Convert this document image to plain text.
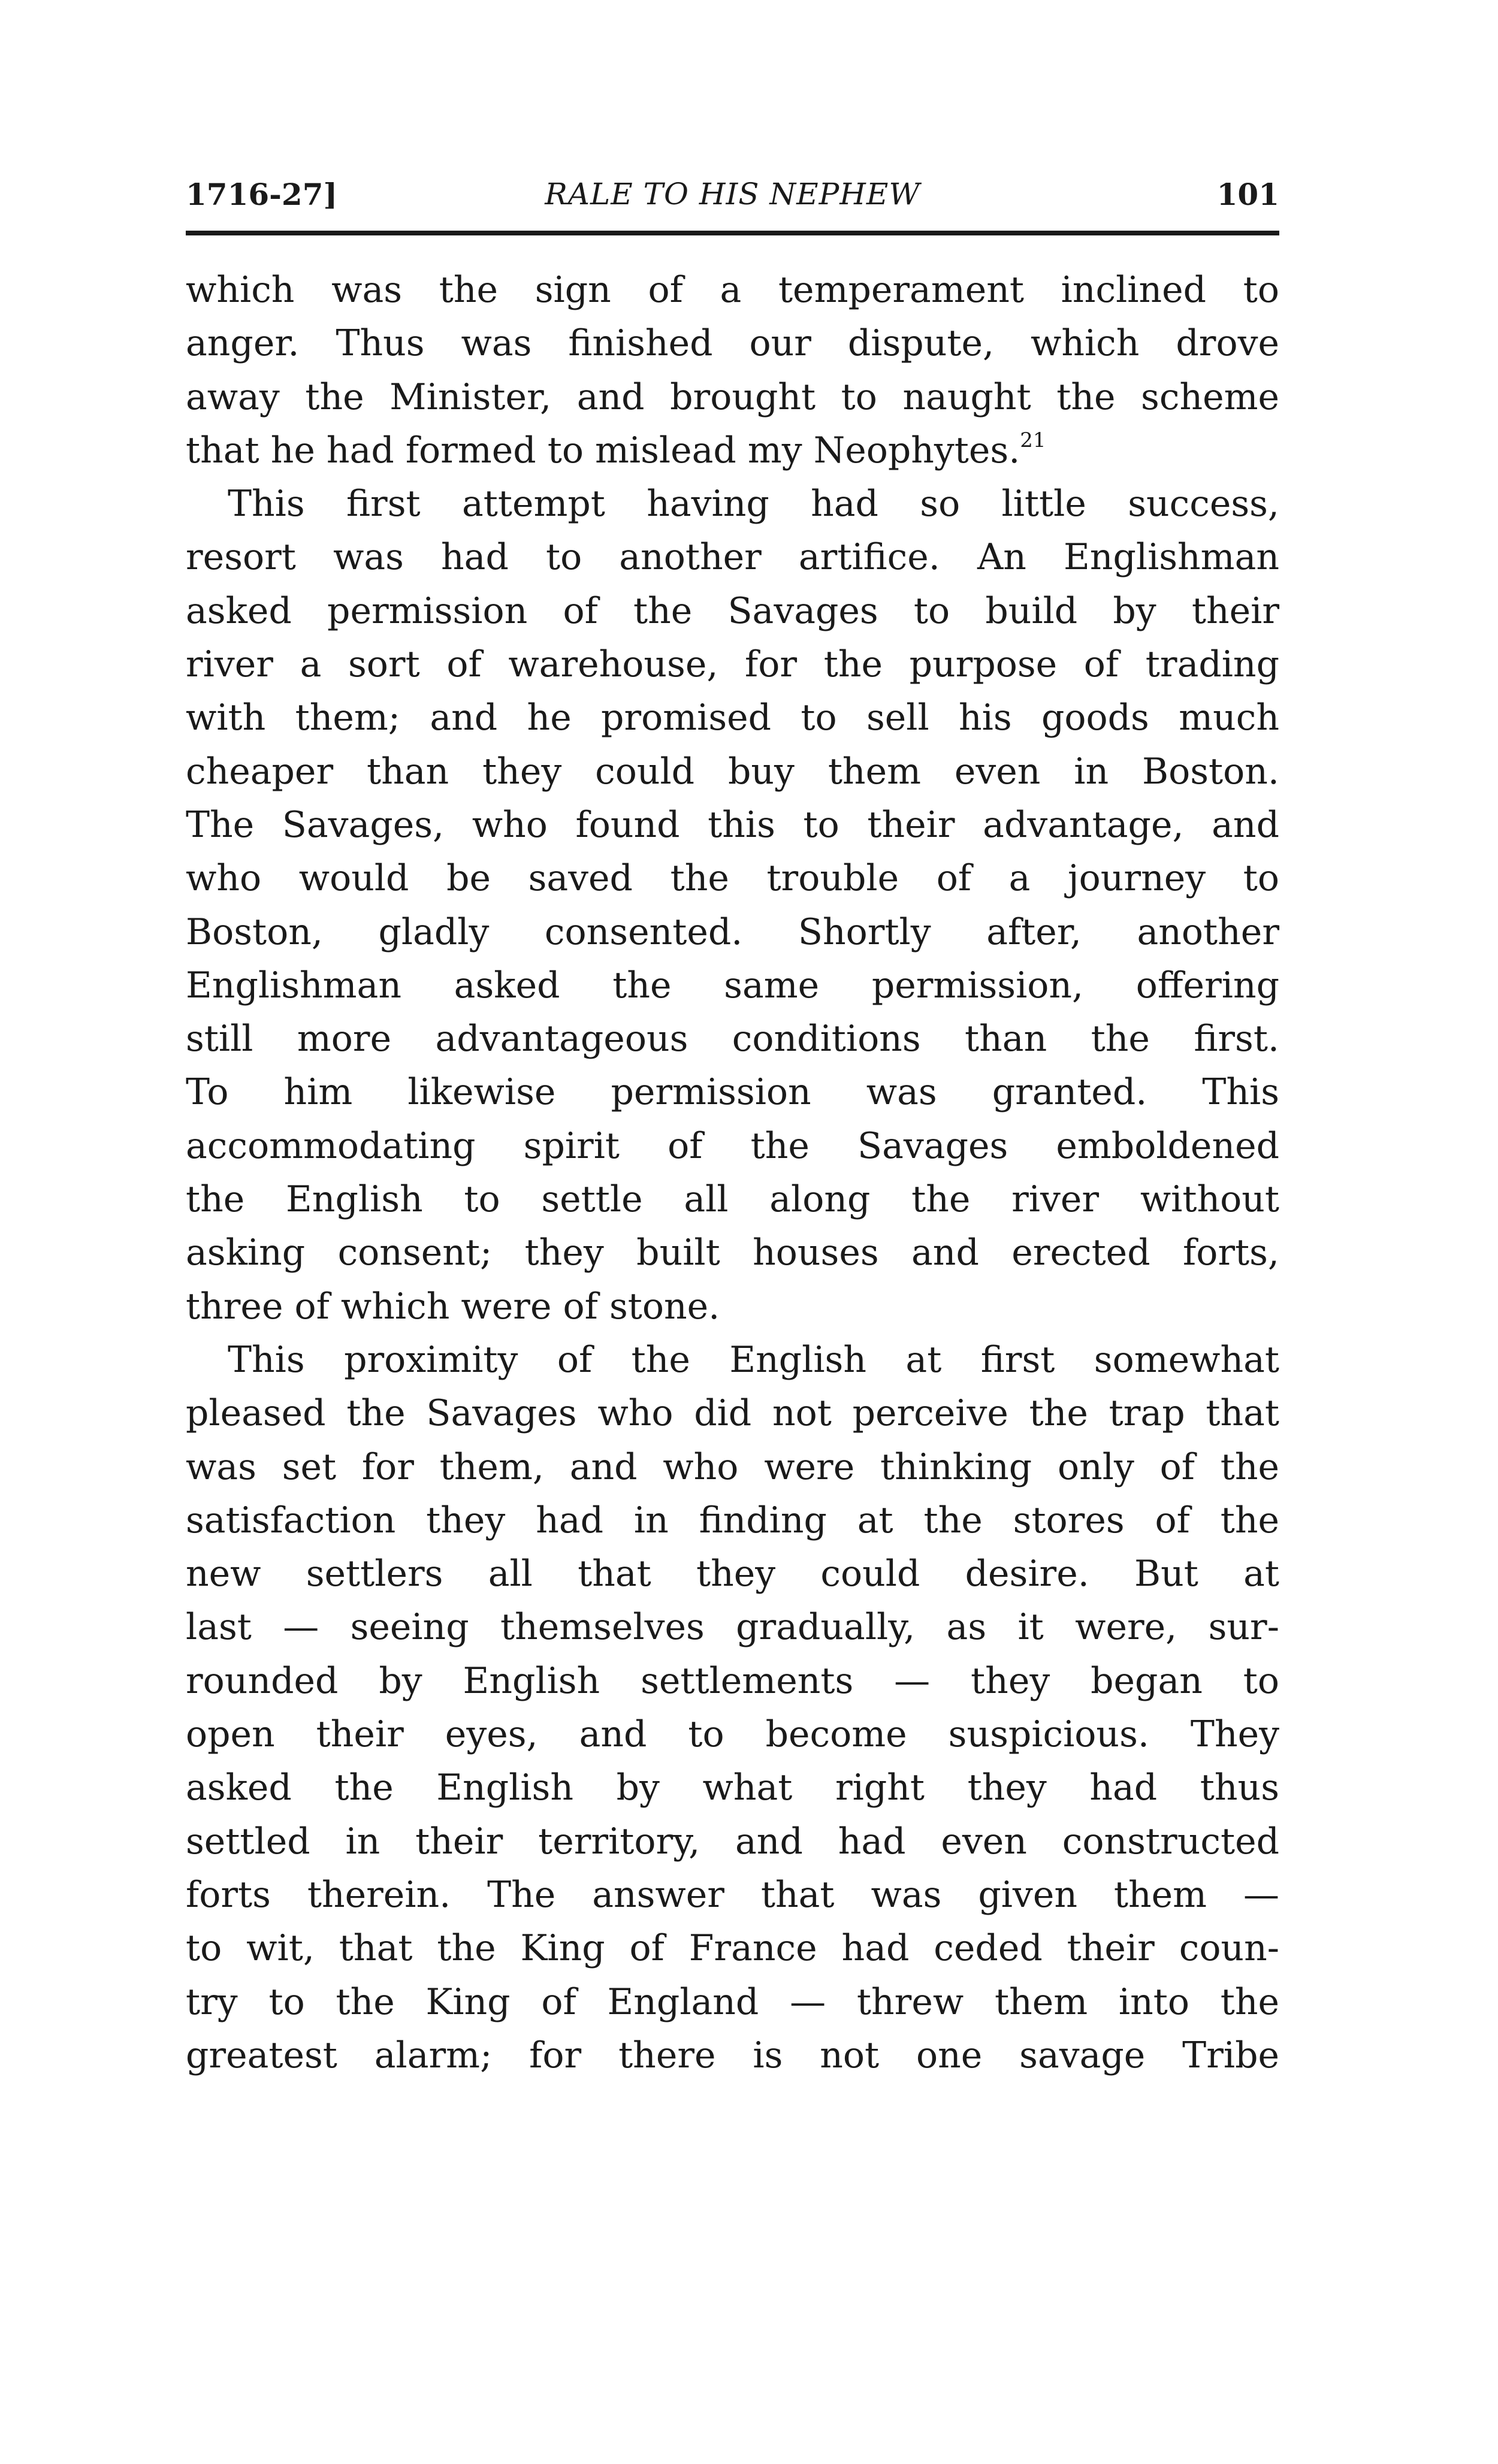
1716-27]	RALE TO HIS NEPHEW	101
which was the sign of a temperament inclined to
anger. Thus was finished our dispute, which drove
away the Minister, and brought to naught the scheme
that he had formed to mislead my Neophytes.$^{21}$
This first attempt having had so little success,
resort was had to another artifice. An Englishman
asked permission of the Savages to build by their
river a sort of warehouse, for the purpose of trading
with them; and he promised to sell his goods much
cheaper than they could buy them even in Boston.
The Savages, who found this to their advantage, and
who would be saved the trouble of a journey to
Boston, gladly consented. Shortly after, another
Englishman asked the same permission, offering
still more advantageous conditions than the first.
To him likewise permission was granted. This
accommodating spirit of the Savages emboldened
the English to settle all along the river without
asking consent; they built houses and erected forts,
three of which were of stone.
This proximity of the English at first somewhat
pleased the Savages who did not perceive the trap that
was set for them, and who were thinking only of the
satisfaction they had in finding at the stores of the
new settlers all that they could desire. But at
last — seeing themselves gradually, as it were, sur-
rounded by English settlements — they began to
open their eyes, and to become suspicious. They
asked the English by what right they had thus
settled in their territory, and had even constructed
forts therein. The answer that was given them —
to wit, that the King of France had ceded their coun-
try to the King of England — threw them into the
greatest alarm; for there is not one savage Tribe
